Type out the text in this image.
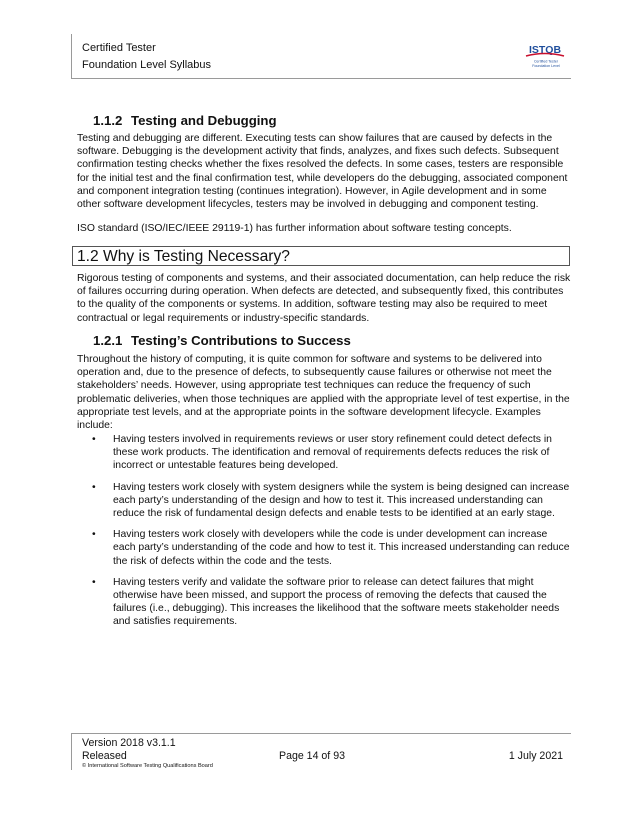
Certified Tester
Foundation Level Syllabus
ISTQB
Certified Tester
Foundation Level
1.1.2 Testing and Debugging

Testing and debugging are different. Executing tests can show failures that are caused by defects in the software. Debugging is the development activity that finds, analyzes, and fixes such defects. Subsequent confirmation testing checks whether the fixes resolved the defects. In some cases, testers are responsible for the initial test and the final confirmation test, while developers do the debugging, associated component and component integration testing (continues integration). However, in Agile development and in some other software development lifecycles, testers may be involved in debugging and component testing.

ISO standard (ISO/IEC/IEEE 29119-1) has further information about software testing concepts.

1.2 Why is Testing Necessary?

Rigorous testing of components and systems, and their associated documentation, can help reduce the risk of failures occurring during operation. When defects are detected, and subsequently fixed, this contributes to the quality of the components or systems. In addition, software testing may also be required to meet contractual or legal requirements or industry-specific standards.

1.2.1 Testing’s Contributions to Success

Throughout the history of computing, it is quite common for software and systems to be delivered into operation and, due to the presence of defects, to subsequently cause failures or otherwise not meet the stakeholders’ needs. However, using appropriate test techniques can reduce the frequency of such problematic deliveries, when those techniques are applied with the appropriate level of test expertise, in the appropriate test levels, and at the appropriate points in the software development lifecycle. Examples include:

• Having testers involved in requirements reviews or user story refinement could detect defects in these work products. The identification and removal of requirements defects reduces the risk of incorrect or untestable features being developed.
• Having testers work closely with system designers while the system is being designed can increase each party’s understanding of the design and how to test it. This increased understanding can reduce the risk of fundamental design defects and enable tests to be identified at an early stage.
• Having testers work closely with developers while the code is under development can increase each party’s understanding of the code and how to test it. This increased understanding can reduce the risk of defects within the code and the tests.
• Having testers verify and validate the software prior to release can detect failures that might otherwise have been missed, and support the process of removing the defects that caused the failures (i.e., debugging). This increases the likelihood that the software meets stakeholder needs and satisfies requirements.
Version 2018 v3.1.1
Released
© International Software Testing Qualifications Board
Page 14 of 93	1 July 2021
